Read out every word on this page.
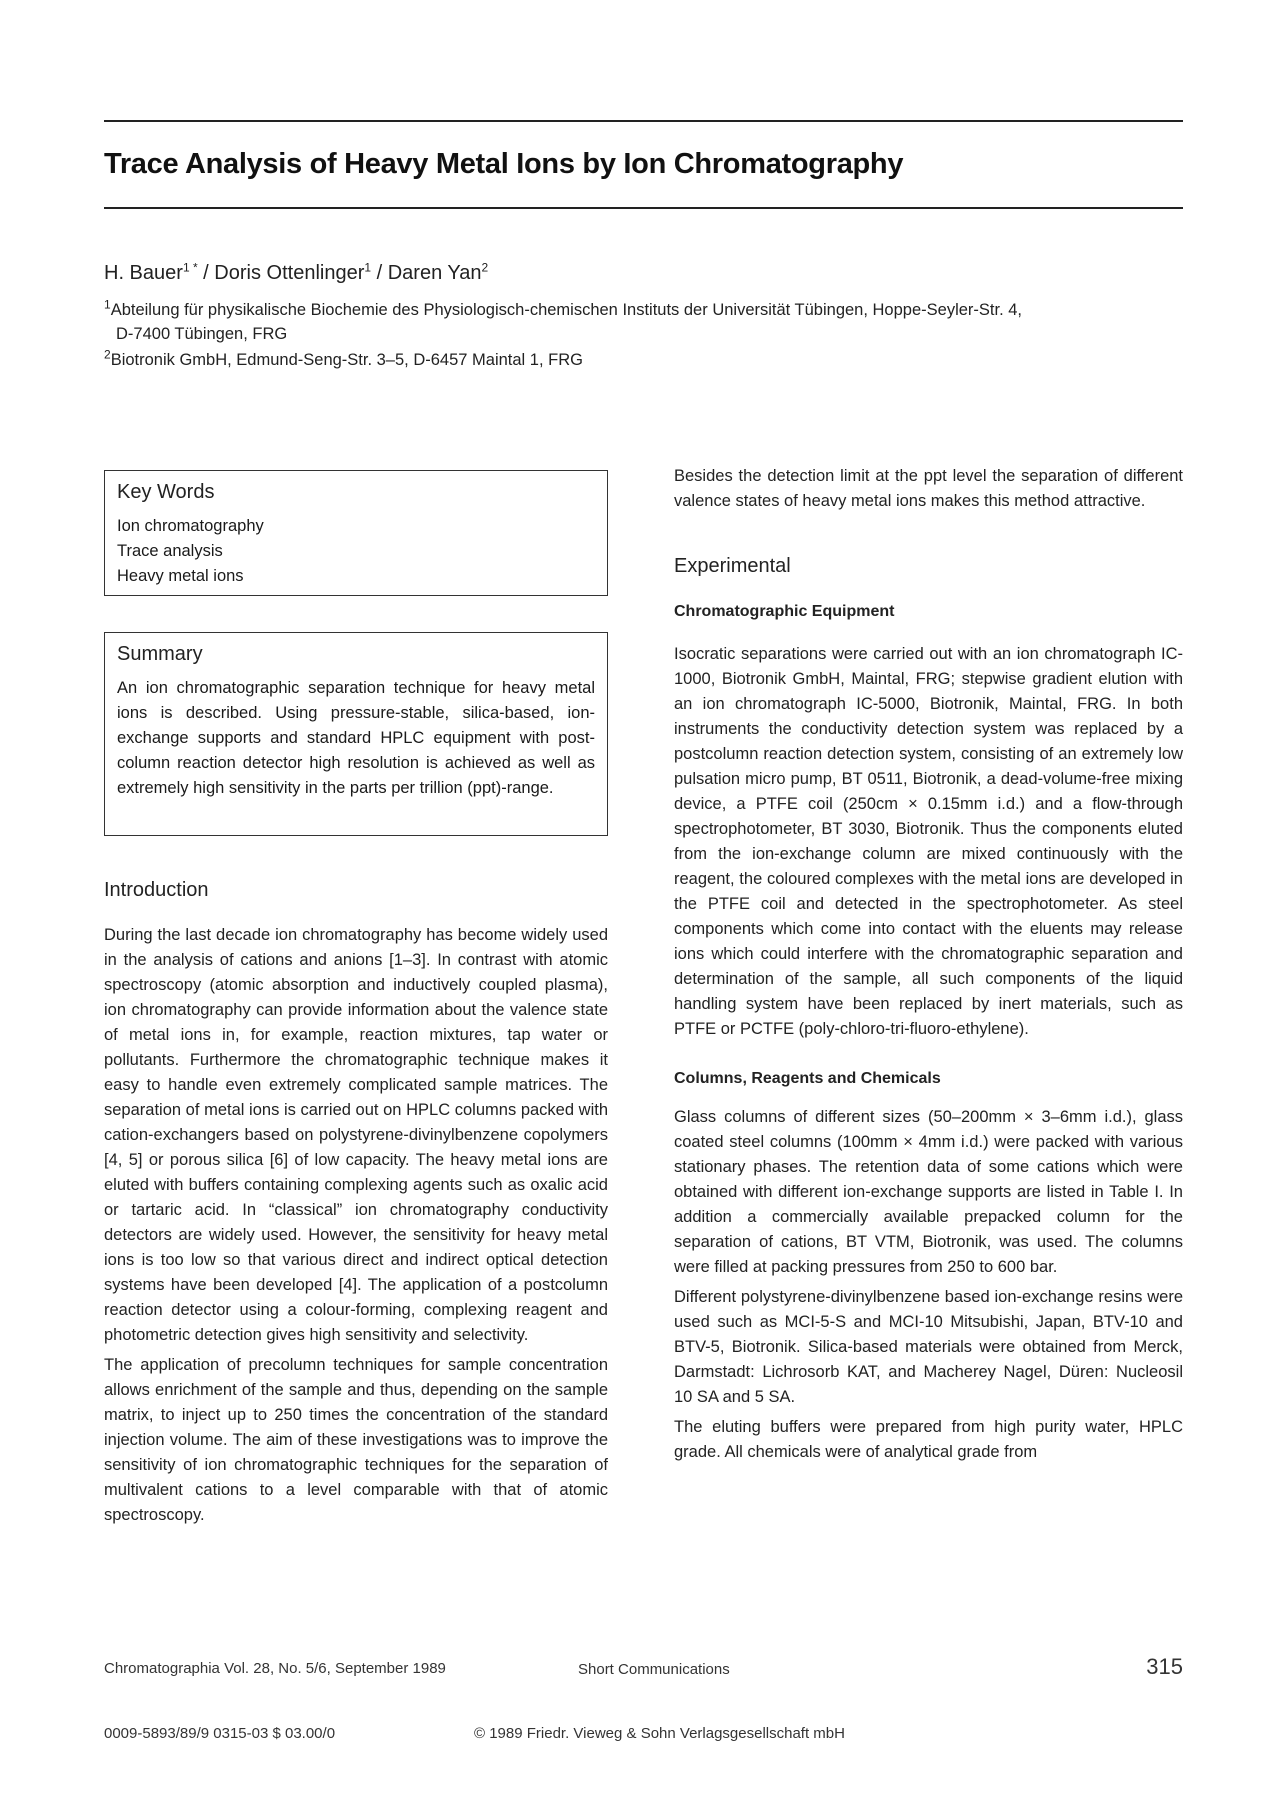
Trace Analysis of Heavy Metal Ions by Ion Chromatography
H. Bauer$^{1 *}$ / Doris Ottenlinger$^1$ / Daren Yan$^2$
$^1$Abteilung für physikalische Biochemie des Physiologisch-chemischen Instituts der Universität Tübingen, Hoppe-Seyler-Str. 4,
D-7400 Tübingen, FRG
$^2$Biotronik GmbH, Edmund-Seng-Str. 3–5, D-6457 Maintal 1, FRG
Key Words
Ion chromatography
Trace analysis
Heavy metal ions
Summary

An ion chromatographic separation technique for heavy metal ions is described. Using pressure-stable, silica-based, ion-exchange supports and standard HPLC equipment with post-column reaction detector high resolution is achieved as well as extremely high sensitivity in the parts per trillion (ppt)-range.

Introduction

During the last decade ion chromatography has become widely used in the analysis of cations and anions [1–3]. In contrast with atomic spectroscopy (atomic absorption and inductively coupled plasma), ion chromatography can provide information about the valence state of metal ions in, for example, reaction mixtures, tap water or pollutants. Furthermore the chromatographic technique makes it easy to handle even extremely complicated sample matrices. The separation of metal ions is carried out on HPLC columns packed with cation-exchangers based on polystyrene-divinylbenzene copolymers [4, 5] or porous silica [6] of low capacity. The heavy metal ions are eluted with buffers containing complexing agents such as oxalic acid or tartaric acid. In “classical” ion chromatography conductivity detectors are widely used. However, the sensitivity for heavy metal ions is too low so that various direct and indirect optical detection systems have been developed [4]. The application of a postcolumn reaction detector using a colour-forming, complexing reagent and photometric detection gives high sensitivity and selectivity.

The application of precolumn techniques for sample concentration allows enrichment of the sample and thus, depending on the sample matrix, to inject up to 250 times the concentration of the standard injection volume. The aim of these investigations was to improve the sensitivity of ion chromatographic techniques for the separation of multivalent cations to a level comparable with that of atomic spectroscopy.

Besides the detection limit at the ppt level the separation of different valence states of heavy metal ions makes this method attractive.

Experimental
Chromatographic Equipment

Isocratic separations were carried out with an ion chromatograph IC-1000, Biotronik GmbH, Maintal, FRG; stepwise gradient elution with an ion chromatograph IC-5000, Biotronik, Maintal, FRG. In both instruments the conductivity detection system was replaced by a postcolumn reaction detection system, consisting of an extremely low pulsation micro pump, BT 0511, Biotronik, a dead-volume-free mixing device, a PTFE coil (250cm × 0.15mm i.d.) and a flow-through spectrophotometer, BT 3030, Biotronik. Thus the components eluted from the ion-exchange column are mixed continuously with the reagent, the coloured complexes with the metal ions are developed in the PTFE coil and detected in the spectrophotometer. As steel components which come into contact with the eluents may release ions which could interfere with the chromatographic separation and determination of the sample, all such components of the liquid handling system have been replaced by inert materials, such as PTFE or PCTFE (poly-chloro-tri-fluoro-ethylene).

Columns, Reagents and Chemicals

Glass columns of different sizes (50–200mm × 3–6mm i.d.), glass coated steel columns (100mm × 4mm i.d.) were packed with various stationary phases. The retention data of some cations which were obtained with different ion-exchange supports are listed in Table I. In addition a commercially available prepacked column for the separation of cations, BT VTM, Biotronik, was used. The columns were filled at packing pressures from 250 to 600 bar.

Different polystyrene-divinylbenzene based ion-exchange resins were used such as MCI-5-S and MCI-10 Mitsubishi, Japan, BTV-10 and BTV-5, Biotronik. Silica-based materials were obtained from Merck, Darmstadt: Lichrosorb KAT, and Macherey Nagel, Düren: Nucleosil 10 SA and 5 SA.

The eluting buffers were prepared from high purity water, HPLC grade. All chemicals were of analytical grade from

Chromatographia Vol. 28, No. 5/6, September 1989	Short Communications	315
0009-5893/89/9 0315-03 $ 03.00/0	© 1989 Friedr. Vieweg & Sohn Verlagsgesellschaft mbH
